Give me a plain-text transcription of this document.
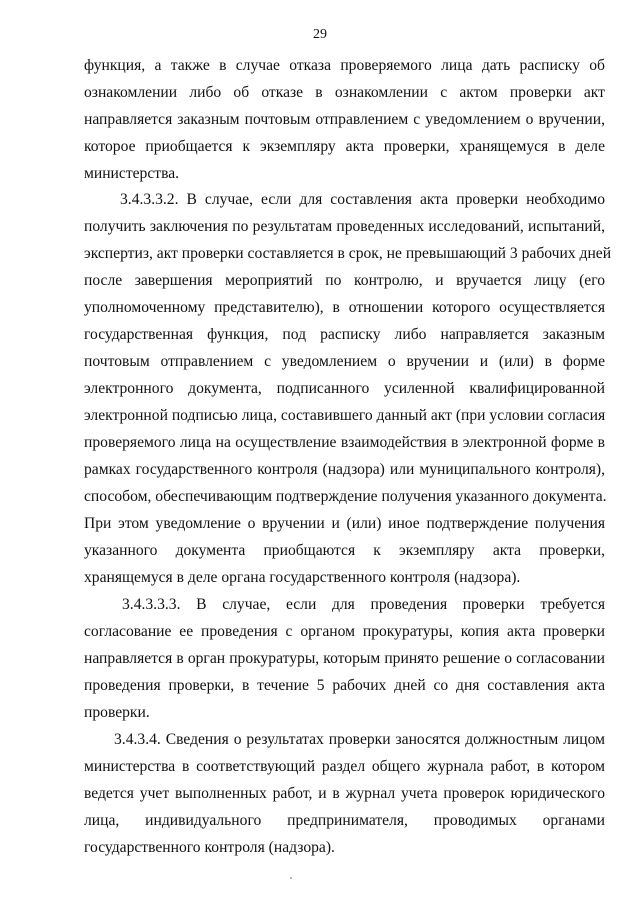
29
функция, а также в случае отказа проверяемого лица дать расписку об
ознакомлении либо об отказе в ознакомлении с актом проверки акт
направляется заказным почтовым отправлением с уведомлением о вручении,
которое приобщается к экземпляру акта проверки, хранящемуся в деле
министерства.
3.4.3.3.2. В случае, если для составления акта проверки необходимо
получить заключения по результатам проведенных исследований, испытаний,
экспертиз, акт проверки составляется в срок, не превышающий 3 рабочих дней
после завершения мероприятий по контролю, и вручается лицу (его
уполномоченному представителю), в отношении которого осуществляется
государственная функция, под расписку либо направляется заказным
почтовым отправлением с уведомлением о вручении и (или) в форме
электронного документа, подписанного усиленной квалифицированной
электронной подписью лица, составившего данный акт (при условии согласия
проверяемого лица на осуществление взаимодействия в электронной форме в
рамках государственного контроля (надзора) или муниципального контроля),
способом, обеспечивающим подтверждение получения указанного документа.
При этом уведомление о вручении и (или) иное подтверждение получения
указанного документа приобщаются к экземпляру акта проверки,
хранящемуся в деле органа государственного контроля (надзора).
3.4.3.3.3. В случае, если для проведения проверки требуется
согласование ее проведения с органом прокуратуры, копия акта проверки
направляется в орган прокуратуры, которым принято решение о согласовании
проведения проверки, в течение 5 рабочих дней со дня составления акта
проверки.
3.4.3.4. Сведения о результатах проверки заносятся должностным лицом
министерства в соответствующий раздел общего журнала работ, в котором
ведется учет выполненных работ, и в журнал учета проверок юридического
лица, индивидуального предпринимателя, проводимых органами
государственного контроля (надзора).
